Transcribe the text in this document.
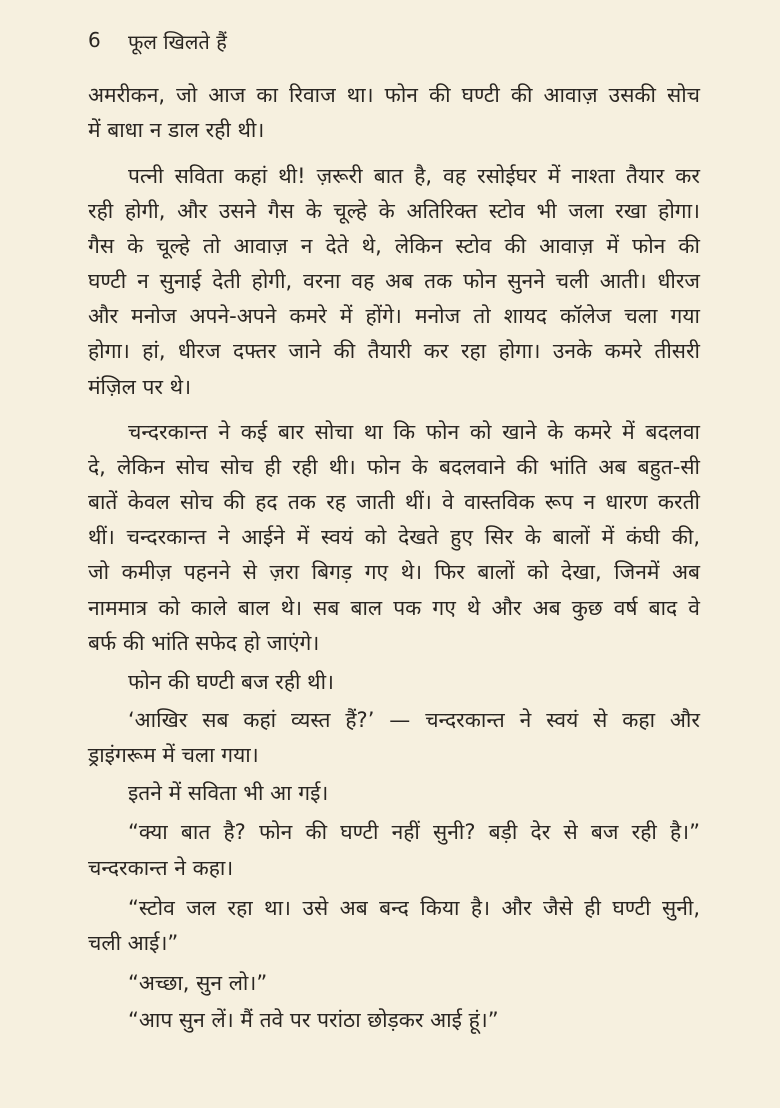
6 फूल खिलते हैं
अमरीकन, जो आज का रिवाज था। फोन की घण्टी की आवाज़ उसकी सोच
में बाधा न डाल रही थी।
पत्नी सविता कहां थी! ज़रूरी बात है, वह रसोईघर में नाश्ता तैयार कर
रही होगी, और उसने गैस के चूल्हे के अतिरिक्त स्टोव भी जला रखा होगा।
गैस के चूल्हे तो आवाज़ न देते थे, लेकिन स्टोव की आवाज़ में फोन की
घण्टी न सुनाई देती होगी, वरना वह अब तक फोन सुनने चली आती। धीरज
और मनोज अपने-अपने कमरे में होंगे। मनोज तो शायद कॉलेज चला गया
होगा। हां, धीरज दफ्तर जाने की तैयारी कर रहा होगा। उनके कमरे तीसरी
मंज़िल पर थे।
चन्दरकान्त ने कई बार सोचा था कि फोन को खाने के कमरे में बदलवा
दे, लेकिन सोच सोच ही रही थी। फोन के बदलवाने की भांति अब बहुत-सी
बातें केवल सोच की हद तक रह जाती थीं। वे वास्तविक रूप न धारण करती
थीं। चन्दरकान्त ने आईने में स्वयं को देखते हुए सिर के बालों में कंघी की,
जो कमीज़ पहनने से ज़रा बिगड़ गए थे। फिर बालों को देखा, जिनमें अब
नाममात्र को काले बाल थे। सब बाल पक गए थे और अब कुछ वर्ष बाद वे
बर्फ की भांति सफेद हो जाएंगे।
फोन की घण्टी बज रही थी।
‘आखिर सब कहां व्यस्त हैं?’ — चन्दरकान्त ने स्वयं से कहा और
ड्राइंगरूम में चला गया।
इतने में सविता भी आ गई।
“क्या बात है? फोन की घण्टी नहीं सुनी? बड़ी देर से बज रही है।”
चन्दरकान्त ने कहा।
“स्टोव जल रहा था। उसे अब बन्द किया है। और जैसे ही घण्टी सुनी,
चली आई।”
“अच्छा, सुन लो।”
“आप सुन लें। मैं तवे पर परांठा छोड़कर आई हूं।”
